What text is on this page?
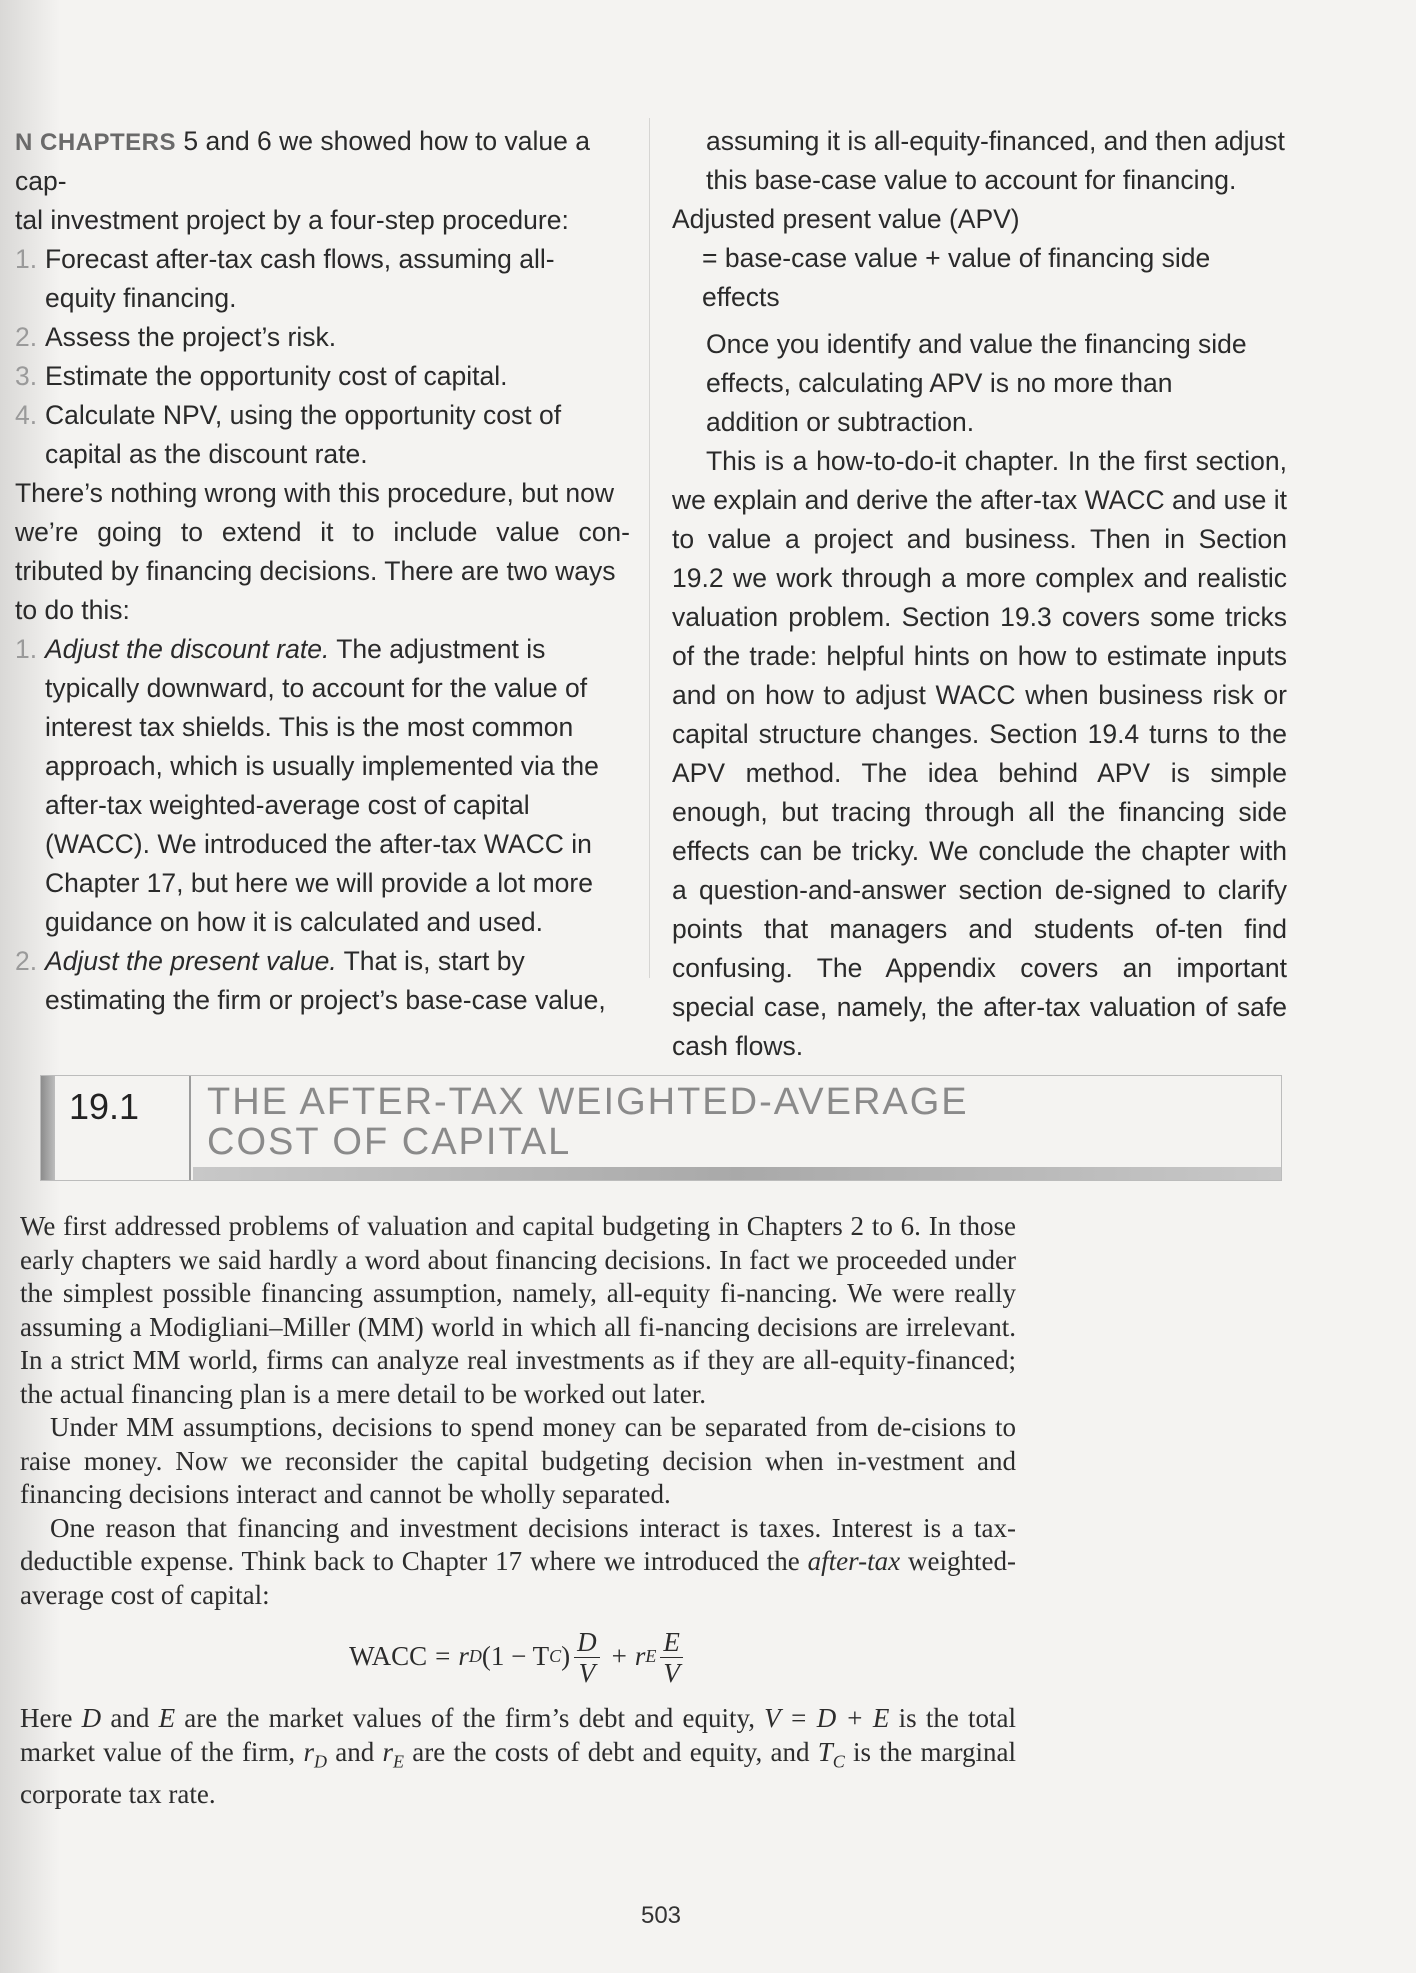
N CHAPTERS 5 and 6 we showed how to value a cap-

tal investment project by a four-step procedure:

1. Forecast after-tax cash flows, assuming all-
equity financing.
2. Assess the project’s risk.
3. Estimate the opportunity cost of capital.
4. Calculate NPV, using the opportunity cost of
capital as the discount rate.

There’s nothing wrong with this procedure, but now

we’re going to extend it to include value con-

tributed by financing decisions. There are two ways

to do this:

1. Adjust the discount rate. The adjustment is
typically downward, to account for the value of
interest tax shields. This is the most common
approach, which is usually implemented via the
after-tax weighted-average cost of capital
(WACC). We introduced the after-tax WACC in
Chapter 17, but here we will provide a lot more
guidance on how it is calculated and used.
2. Adjust the present value. That is, start by
estimating the firm or project’s base-case value,

assuming it is all-equity-financed, and then adjust

this base-case value to account for financing.

Adjusted present value (APV)

= base-case value + value of financing side effects

Once you identify and value the financing side

effects, calculating APV is no more than

addition or subtraction.

This is a how-to-do-it chapter. In the first section, we explain and derive the after-tax WACC and use it to value a project and business. Then in Section 19.2 we work through a more complex and realistic valuation problem. Section 19.3 covers some tricks of the trade: helpful hints on how to estimate inputs and on how to adjust WACC when business risk or capital structure changes. Section 19.4 turns to the APV method. The idea behind APV is simple enough, but tracing through all the financing side effects can be tricky. We conclude the chapter with a question-and-answer section de-signed to clarify points that managers and students of-ten find confusing. The Appendix covers an important special case, namely, the after-tax valuation of safe cash flows.

19.1	THE AFTER-TAX WEIGHTED-AVERAGE
COST OF CAPITAL

We first addressed problems of valuation and capital budgeting in Chapters 2 to 6. In those early chapters we said hardly a word about financing decisions. In fact we proceeded under the simplest possible financing assumption, namely, all-equity fi-nancing. We were really assuming a Modigliani–Miller (MM) world in which all fi-nancing decisions are irrelevant. In a strict MM world, firms can analyze real investments as if they are all-equity-financed; the actual financing plan is a mere detail to be worked out later.

Under MM assumptions, decisions to spend money can be separated from de-cisions to raise money. Now we reconsider the capital budgeting decision when in-vestment and financing decisions interact and cannot be wholly separated.

One reason that financing and investment decisions interact is taxes. Interest is a tax-deductible expense. Think back to Chapter 17 where we introduced the after-tax weighted-average cost of capital:

WACC = r D (1 − T C ) $\frac{D}{V} + r$ E $\frac{E}{V}$

Here D and E are the market values of the firm’s debt and equity, V = D + E is the total market value of the firm, $r_D$ and $r_E$ are the costs of debt and equity, and $T_C$ is the marginal corporate tax rate.

503
